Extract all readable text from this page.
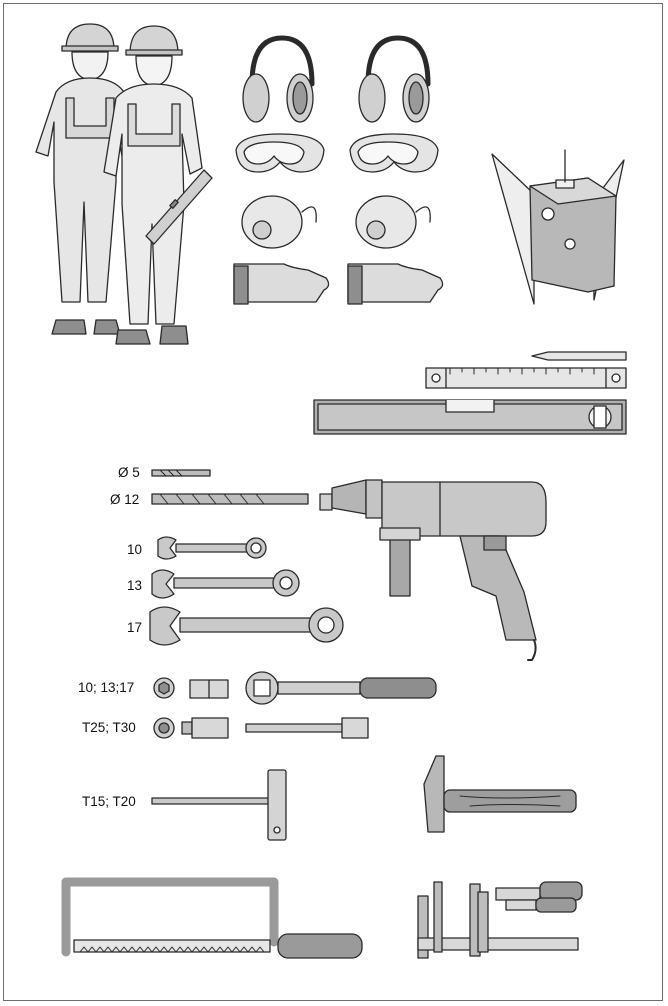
Ø 5
Ø 12
10
13
17
10; 13;17
T25; T30
T15; T20
